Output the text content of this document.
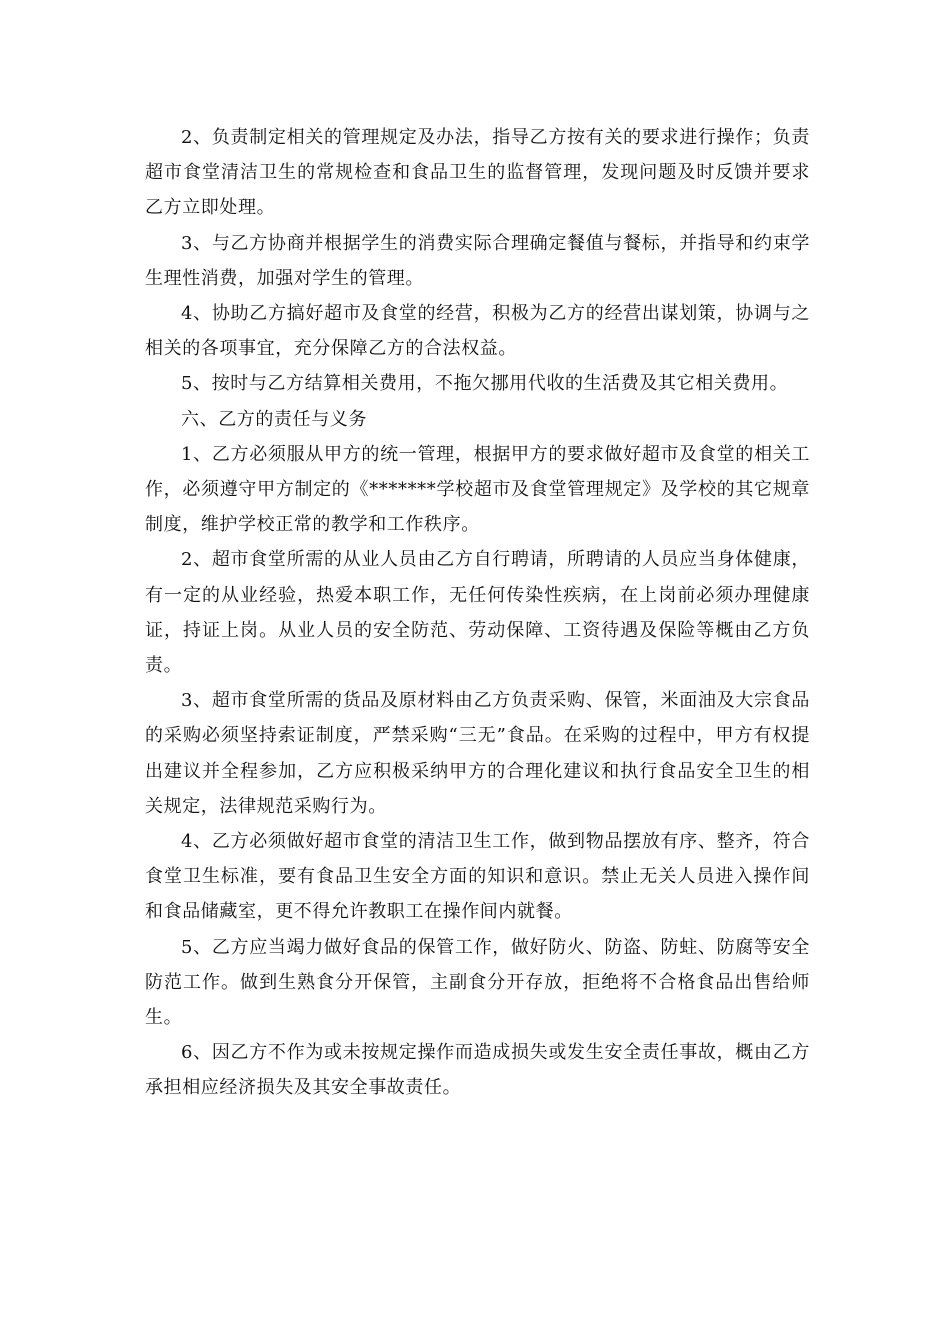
2、负责制定相关的管理规定及办法，指导乙方按有关的要求进行操作；负责超市食堂清洁卫生的常规检查和食品卫生的监督管理，发现问题及时反馈并要求乙方立即处理。

3、与乙方协商并根据学生的消费实际合理确定餐值与餐标，并指导和约束学生理性消费，加强对学生的管理。

4、协助乙方搞好超市及食堂的经营，积极为乙方的经营出谋划策，协调与之相关的各项事宜，充分保障乙方的合法权益。

5、按时与乙方结算相关费用，不拖欠挪用代收的生活费及其它相关费用。

六、乙方的责任与义务

1、乙方必须服从甲方的统一管理，根据甲方的要求做好超市及食堂的相关工作，必须遵守甲方制定的《*******学校超市及食堂管理规定》及学校的其它规章制度，维护学校正常的教学和工作秩序。

2、超市食堂所需的从业人员由乙方自行聘请，所聘请的人员应当身体健康，有一定的从业经验，热爱本职工作，无任何传染性疾病，在上岗前必须办理健康证，持证上岗。从业人员的安全防范、劳动保障、工资待遇及保险等概由乙方负责。

3、超市食堂所需的货品及原材料由乙方负责采购、保管，米面油及大宗食品的采购必须坚持索证制度，严禁采购“三无”食品。在采购的过程中，甲方有权提出建议并全程参加，乙方应积极采纳甲方的合理化建议和执行食品安全卫生的相关规定，法律规范采购行为。

4、乙方必须做好超市食堂的清洁卫生工作，做到物品摆放有序、整齐，符合食堂卫生标准，要有食品卫生安全方面的知识和意识。禁止无关人员进入操作间和食品储藏室，更不得允许教职工在操作间内就餐。

5、乙方应当竭力做好食品的保管工作，做好防火、防盗、防蛀、防腐等安全防范工作。做到生熟食分开保管，主副食分开存放，拒绝将不合格食品出售给师生。

6、因乙方不作为或未按规定操作而造成损失或发生安全责任事故，概由乙方承担相应经济损失及其安全事故责任。
